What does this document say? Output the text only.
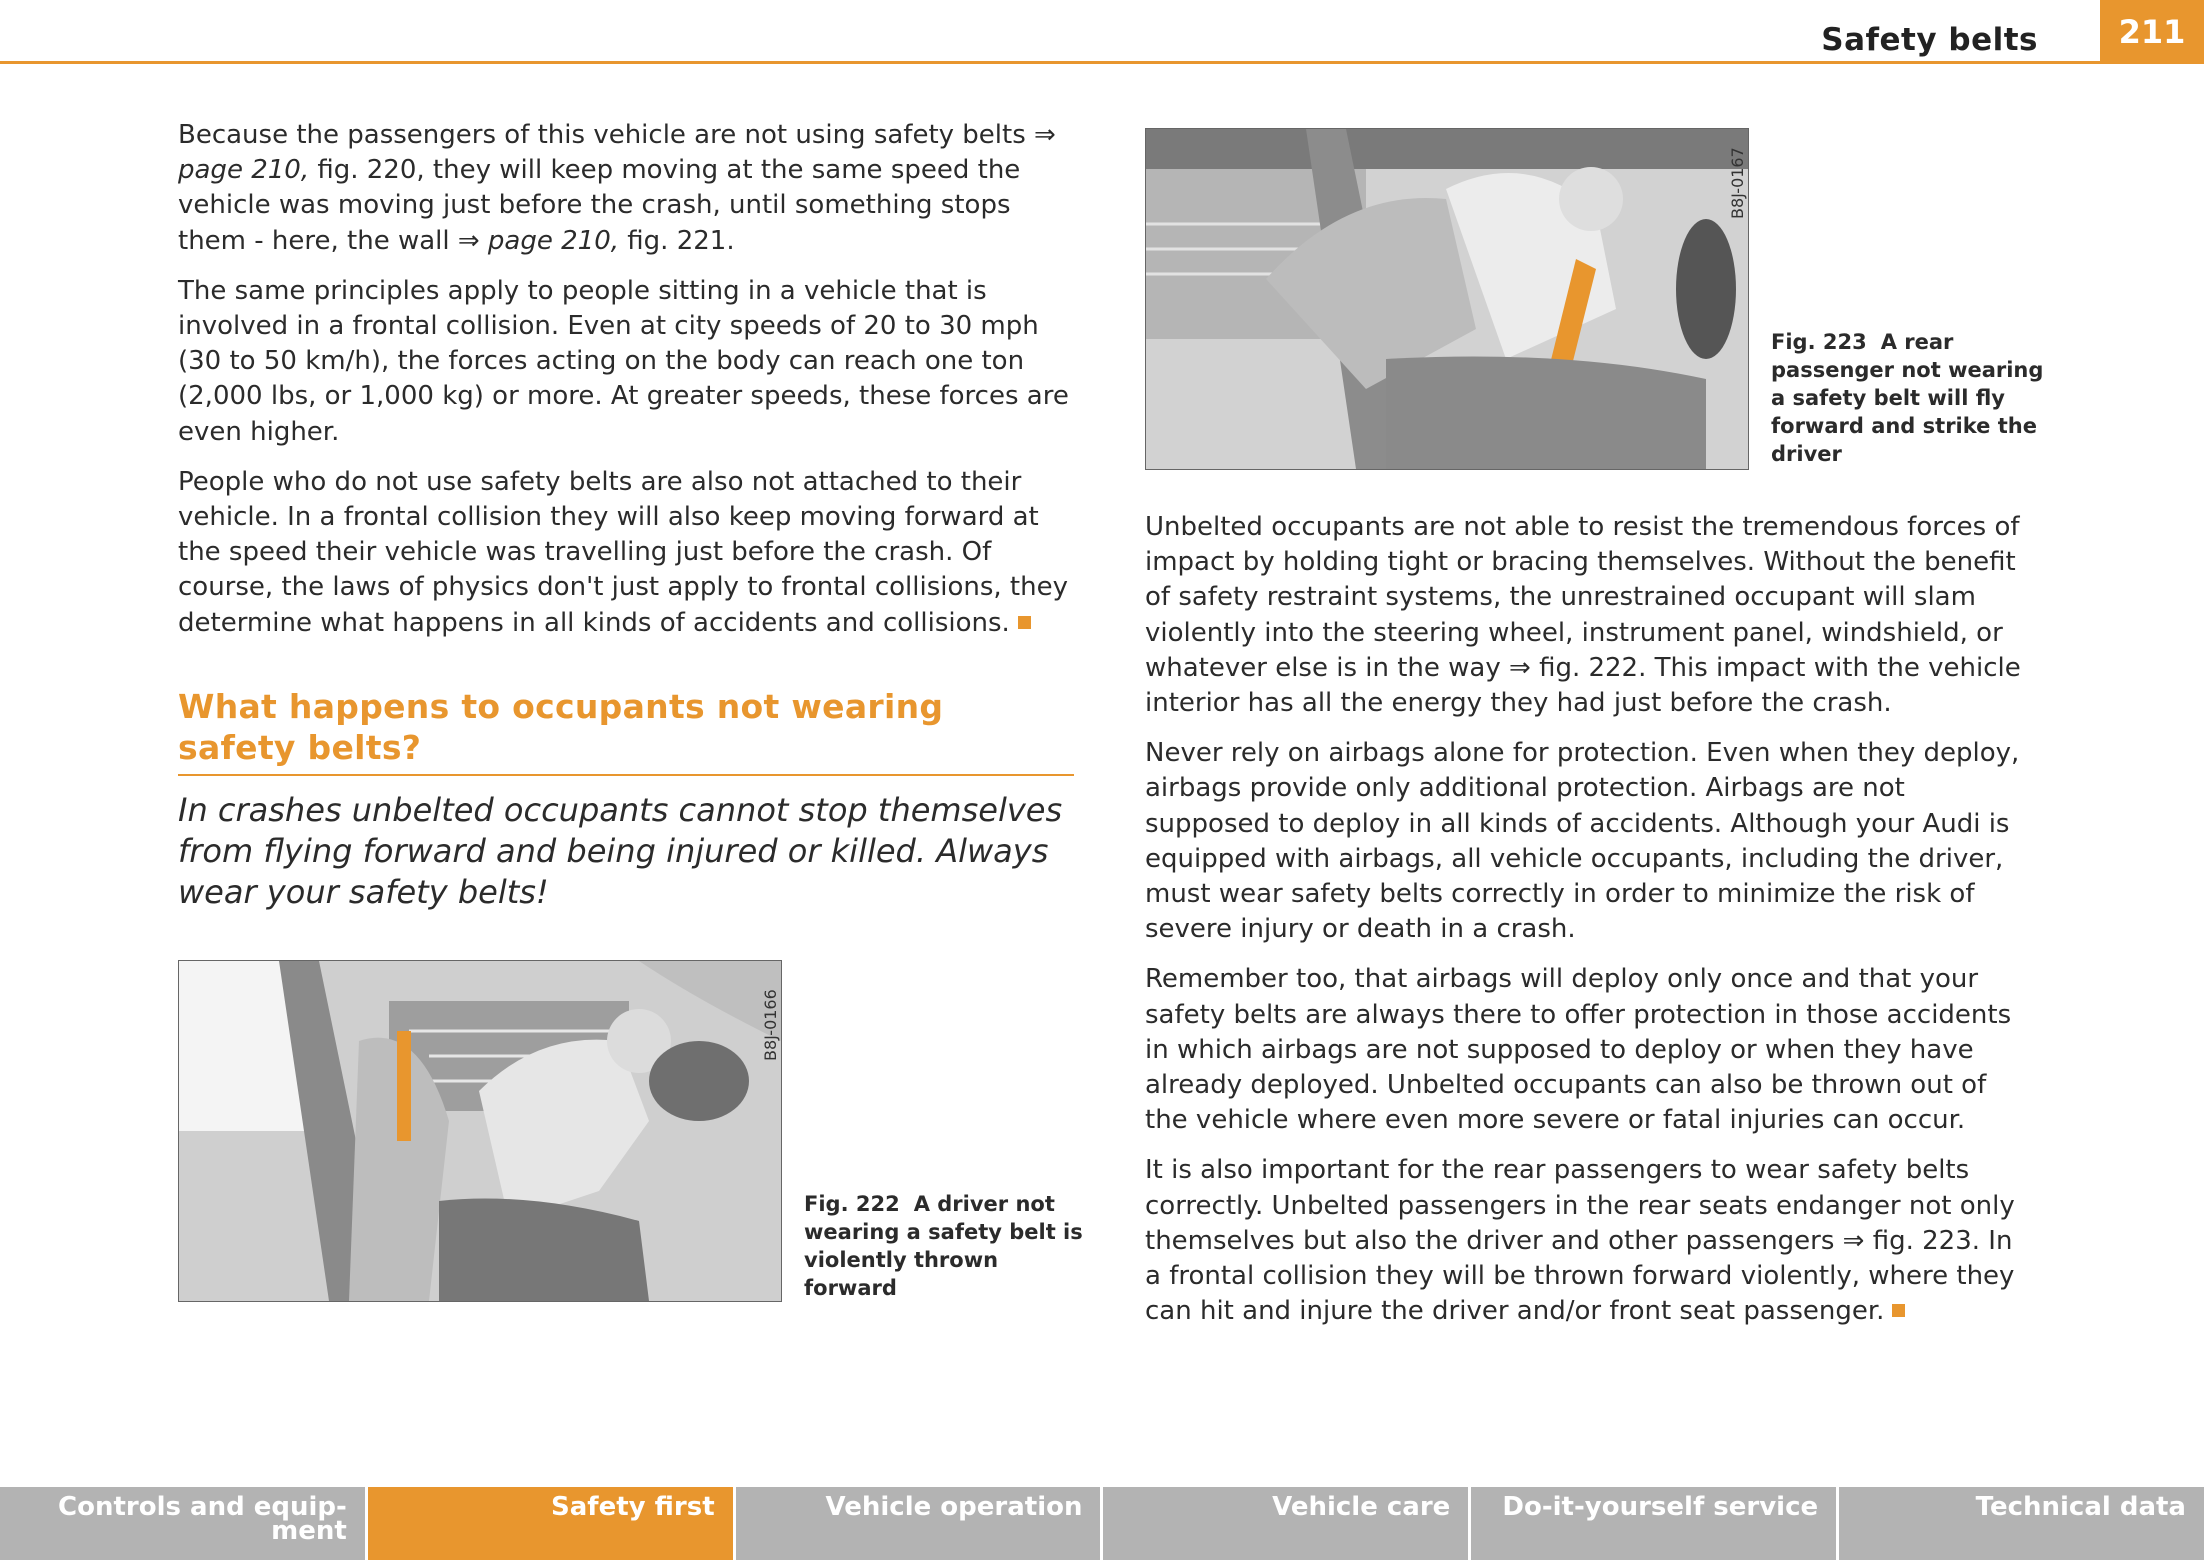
Safety belts	211

Because the passengers of this vehicle are not using safety belts ⇒ page 210, fig. 220, they will keep moving at the same speed the vehicle was moving just before the crash, until something stops them - here, the wall ⇒ page 210, fig. 221.

The same principles apply to people sitting in a vehicle that is involved in a frontal collision. Even at city speeds of 20 to 30 mph (30 to 50 km/h), the forces acting on the body can reach one ton (2,000 lbs, or 1,000 kg) or more. At greater speeds, these forces are even higher.

People who do not use safety belts are also not attached to their vehicle. In a frontal collision they will also keep moving forward at the speed their vehicle was travelling just before the crash. Of course, the laws of physics don't just apply to frontal collisions, they determine what happens in all kinds of accidents and collisions.

What happens to occupants not wearing safety belts?

In crashes unbelted occupants cannot stop themselves from flying forward and being injured or killed. Always wear your safety belts!

B8J-0166
Fig. 222 A driver not wearing a safety belt is violently thrown forward
B8J-0167
Fig. 223 A rear passenger not wearing a safety belt will fly forward and strike the driver

Unbelted occupants are not able to resist the tremendous forces of impact by holding tight or bracing themselves. Without the benefit of safety restraint systems, the unrestrained occupant will slam violently into the steering wheel, instrument panel, windshield, or whatever else is in the way ⇒ fig. 222. This impact with the vehicle interior has all the energy they had just before the crash.

Never rely on airbags alone for protection. Even when they deploy, airbags provide only additional protection. Airbags are not supposed to deploy in all kinds of accidents. Although your Audi is equipped with airbags, all vehicle occupants, including the driver, must wear safety belts correctly in order to minimize the risk of severe injury or death in a crash.

Remember too, that airbags will deploy only once and that your safety belts are always there to offer protection in those accidents in which airbags are not supposed to deploy or when they have already deployed. Unbelted occupants can also be thrown out of the vehicle where even more severe or fatal injuries can occur.

It is also important for the rear passengers to wear safety belts correctly. Unbelted passengers in the rear seats endanger not only themselves but also the driver and other passengers ⇒ fig. 223. In a frontal collision they will be thrown forward violently, where they can hit and injure the driver and/or front seat passenger.

Controls and equip-
ment
Safety first	Vehicle operation	Vehicle care Do-it-yourself service	Technical data
